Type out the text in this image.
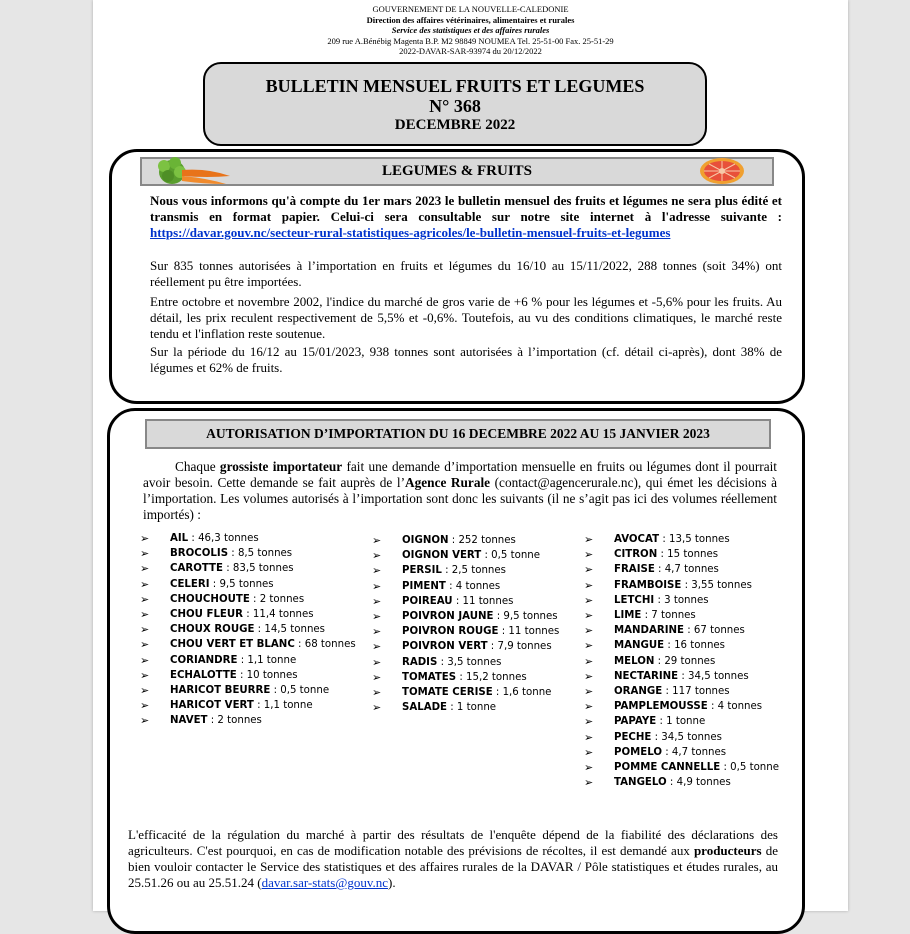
GOUVERNEMENT DE LA NOUVELLE-CALEDONIE
Direction des affaires vétérinaires, alimentaires et rurales
Service des statistiques et des affaires rurales
209 rue A.Bénébig Magenta B.P. M2 98849 NOUMEA Tel. 25-51-00 Fax. 25-51-29
2022-DAVAR-SAR-93974 du 20/12/2022
BULLETIN MENSUEL FRUITS ET LEGUMES
N° 368
DECEMBRE 2022
LEGUMES & FRUITS
Nous vous informons qu'à compte du 1er mars 2023 le bulletin mensuel des fruits et légumes ne sera plus édité et transmis en format papier. Celui-ci sera consultable sur notre site internet à l'adresse suivante : https://davar.gouv.nc/secteur-rural-statistiques-agricoles/le-bulletin-mensuel-fruits-et-legumes
Sur 835 tonnes autorisées à l’importation en fruits et légumes du 16/10 au 15/11/2022, 288 tonnes (soit 34%) ont réellement pu être importées.
Entre octobre et novembre 2002, l'indice du marché de gros varie de +6 % pour les légumes et -5,6% pour les fruits. Au détail, les prix reculent respectivement de 5,5% et -0,6%. Toutefois, au vu des conditions climatiques, le marché reste tendu et l'inflation reste soutenue.
Sur la période du 16/12 au 15/01/2023, 938 tonnes sont autorisées à l’importation (cf. détail ci-après), dont 38% de légumes et 62% de fruits.
AUTORISATION D’IMPORTATION DU 16 DECEMBRE 2022 AU 15 JANVIER 2023
Chaque grossiste importateur fait une demande d’importation mensuelle en fruits ou légumes dont il pourrait avoir besoin. Cette demande se fait auprès de l’Agence Rurale (contact@agencerurale.nc), qui émet les décisions à l’importation. Les volumes autorisés à l’importation sont donc les suivants (il ne s’agit pas ici des volumes réellement importés) :
➢ AIL : 46,3 tonnes
➢ BROCOLIS : 8,5 tonnes
➢ CAROTTE : 83,5 tonnes
➢ CELERI : 9,5 tonnes
➢ CHOUCHOUTE : 2 tonnes
➢ CHOU FLEUR : 11,4 tonnes
➢ CHOUX ROUGE : 14,5 tonnes
➢ CHOU VERT ET BLANC : 68 tonnes
➢ CORIANDRE : 1,1 tonne
➢ ECHALOTTE : 10 tonnes
➢ HARICOT BEURRE : 0,5 tonne
➢ HARICOT VERT : 1,1 tonne
➢ NAVET : 2 tonnes
➢ OIGNON : 252 tonnes
➢ OIGNON VERT : 0,5 tonne
➢ PERSIL : 2,5 tonnes
➢ PIMENT : 4 tonnes
➢ POIREAU : 11 tonnes
➢ POIVRON JAUNE : 9,5 tonnes
➢ POIVRON ROUGE : 11 tonnes
➢ POIVRON VERT : 7,9 tonnes
➢ RADIS : 3,5 tonnes
➢ TOMATES : 15,2 tonnes
➢ TOMATE CERISE : 1,6 tonne
➢ SALADE : 1 tonne
➢ AVOCAT : 13,5 tonnes
➢ CITRON : 15 tonnes
➢ FRAISE : 4,7 tonnes
➢ FRAMBOISE : 3,55 tonnes
➢ LETCHI : 3 tonnes
➢ LIME : 7 tonnes
➢ MANDARINE : 67 tonnes
➢ MANGUE : 16 tonnes
➢ MELON : 29 tonnes
➢ NECTARINE : 34,5 tonnes
➢ ORANGE : 117 tonnes
➢ PAMPLEMOUSSE : 4 tonnes
➢ PAPAYE : 1 tonne
➢ PECHE : 34,5 tonnes
➢ POMELO : 4,7 tonnes
➢ POMME CANNELLE : 0,5 tonne
➢ TANGELO : 4,9 tonnes
L'efficacité de la régulation du marché à partir des résultats de l'enquête dépend de la fiabilité des déclarations des agriculteurs. C'est pourquoi, en cas de modification notable des prévisions de récoltes, il est demandé aux producteurs de bien vouloir contacter le Service des statistiques et des affaires rurales de la DAVAR / Pôle statistiques et études rurales, au 25.51.26 ou au 25.51.24 (davar.sar-stats@gouv.nc).
